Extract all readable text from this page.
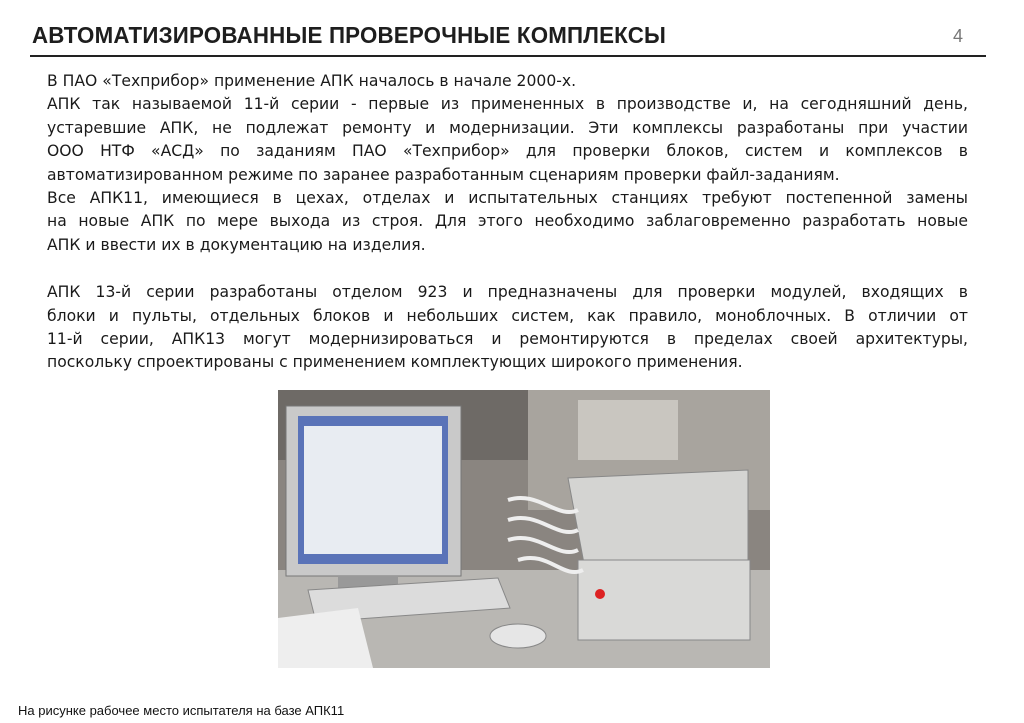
АВТОМАТИЗИРОВАННЫЕ ПРОВЕРОЧНЫЕ КОМПЛЕКСЫ	4
В ПАО «Техприбор» применение АПК началось в начале 2000-х.
АПК так называемой 11-й серии - первые из примененных в производстве и, на сегодняшний день,
устаревшие АПК, не подлежат ремонту и модернизации. Эти комплексы разработаны при участии
ООО НТФ «АСД» по заданиям ПАО «Техприбор» для проверки блоков, систем и комплексов в
автоматизированном режиме по заранее разработанным сценариям проверки файл-заданиям.
Все АПК11, имеющиеся в цехах, отделах и испытательных станциях требуют постепенной замены
на новые АПК по мере выхода из строя. Для этого необходимо заблаговременно разработать новые
АПК и ввести их в документацию на изделия.
АПК 13-й серии разработаны отделом 923 и предназначены для проверки модулей, входящих в
блоки и пульты, отдельных блоков и небольших систем, как правило, моноблочных. В отличии от
11-й серии, АПК13 могут модернизироваться и ремонтируются в пределах своей архитектуры,
поскольку спроектированы с применением комплектующих широкого применения.
На рисунке рабочее место испытателя на базе АПК11
